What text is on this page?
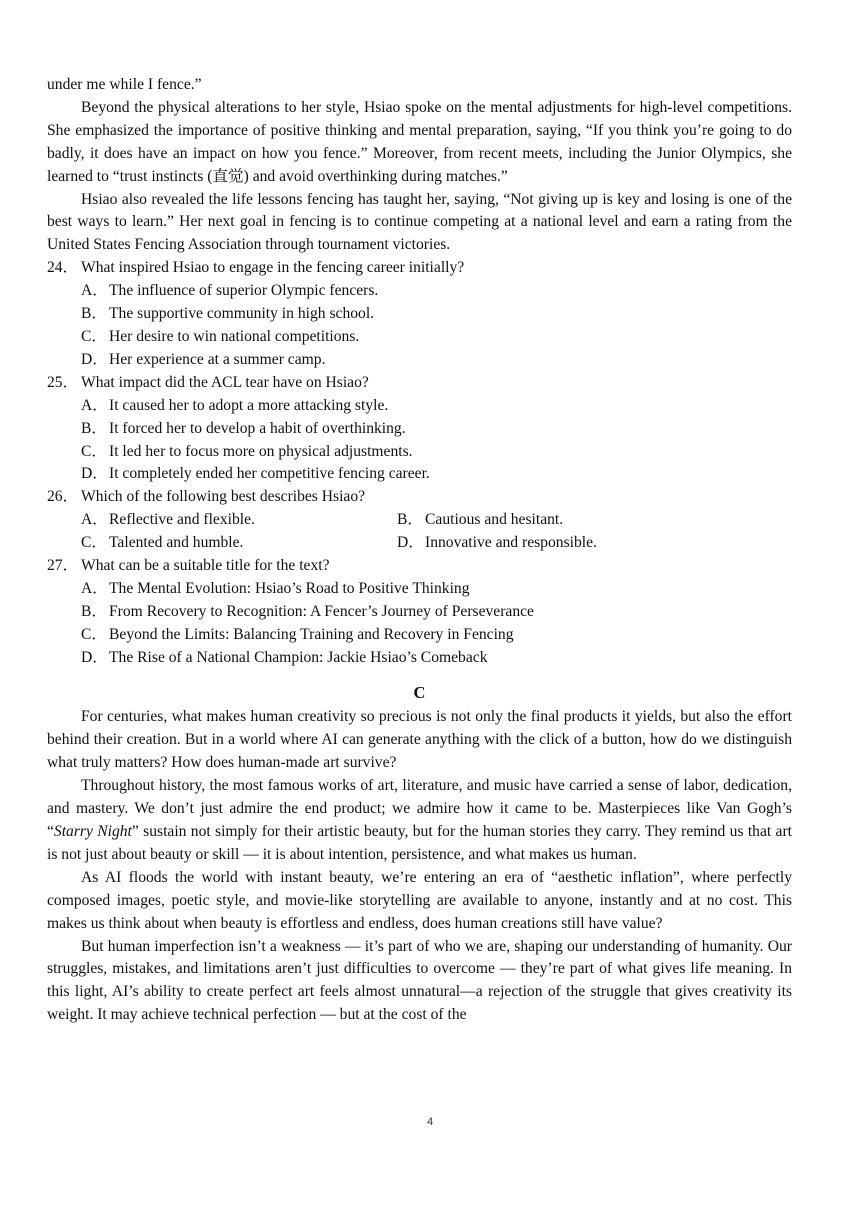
under me while I fence.”

Beyond the physical alterations to her style, Hsiao spoke on the mental adjustments for high-level competitions. She emphasized the importance of positive thinking and mental preparation, saying, “If you think you’re going to do badly, it does have an impact on how you fence.” Moreover, from recent meets, including the Junior Olympics, she learned to “trust instincts (直觉) and avoid overthinking during matches.”

Hsiao also revealed the life lessons fencing has taught her, saying, “Not giving up is key and losing is one of the best ways to learn.” Her next goal in fencing is to continue competing at a national level and earn a rating from the United States Fencing Association through tournament victories.

24． What inspired Hsiao to engage in the fencing career initially?
A． The influence of superior Olympic fencers.
B． The supportive community in high school.
C． Her desire to win national competitions.
D． Her experience at a summer camp.
25． What impact did the ACL tear have on Hsiao?
A． It caused her to adopt a more attacking style.
B． It forced her to develop a habit of overthinking.
C． It led her to focus more on physical adjustments.
D． It completely ended her competitive fencing career.
26． Which of the following best describes Hsiao?
A． Reflective and flexible.	B． Cautious and hesitant.
C． Talented and humble.	D． Innovative and responsible.
27． What can be a suitable title for the text?
A． The Mental Evolution: Hsiao’s Road to Positive Thinking
B． From Recovery to Recognition: A Fencer’s Journey of Perseverance
C． Beyond the Limits: Balancing Training and Recovery in Fencing
D． The Rise of a National Champion: Jackie Hsiao’s Comeback
C

For centuries, what makes human creativity so precious is not only the final products it yields, but also the effort behind their creation. But in a world where AI can generate anything with the click of a button, how do we distinguish what truly matters? How does human-made art survive?

Throughout history, the most famous works of art, literature, and music have carried a sense of labor, dedication, and mastery. We don’t just admire the end product; we admire how it came to be. Masterpieces like Van Gogh’s “Starry Night” sustain not simply for their artistic beauty, but for the human stories they carry. They remind us that art is not just about beauty or skill — it is about intention, persistence, and what makes us human.

As AI floods the world with instant beauty, we’re entering an era of “aesthetic inflation”, where perfectly composed images, poetic style, and movie-like storytelling are available to anyone, instantly and at no cost. This makes us think about when beauty is effortless and endless, does human creations still have value?

But human imperfection isn’t a weakness — it’s part of who we are, shaping our understanding of humanity. Our struggles, mistakes, and limitations aren’t just difficulties to overcome — they’re part of what gives life meaning. In this light, AI’s ability to create perfect art feels almost unnatural—a rejection of the struggle that gives creativity its weight. It may achieve technical perfection — but at the cost of the

4
